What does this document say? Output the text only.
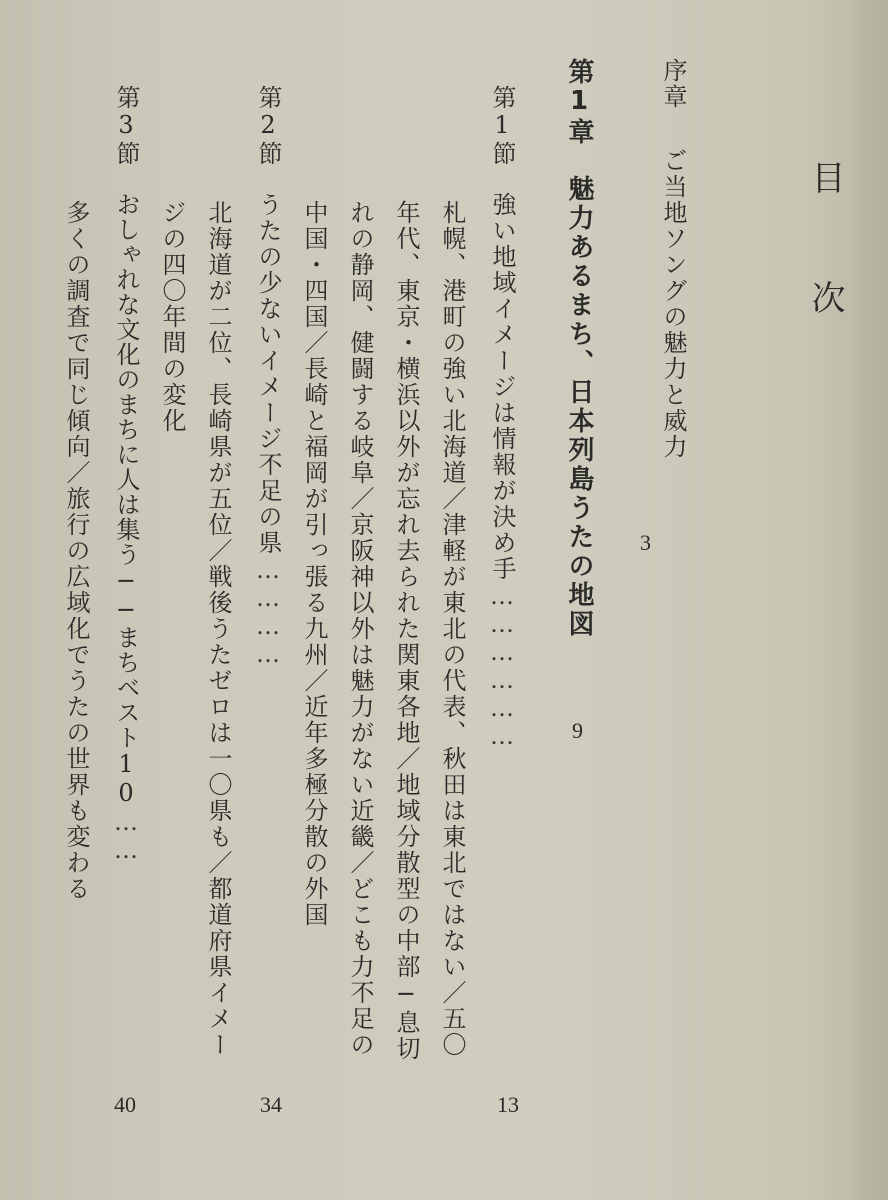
目　次
序章
ご当地ソングの魅力と威力
3
第1章
魅力あるまち、日本列島うたの地図
9
第1節
強い地域イメージは情報が決め手………………
13
札幌、港町の強い北海道／津軽が東北の代表、秋田は東北ではない／五〇
年代、東京・横浜以外が忘れ去られた関東各地／地域分散型の中部─息切
れの静岡、健闘する岐阜／京阪神以外は魅力がない近畿／どこも力不足の
中国・四国／長崎と福岡が引っ張る九州／近年多極分散の外国
第2節
うたの少ないイメージ不足の県…………
34
北海道が二位、長崎県が五位／戦後うたゼロは一〇県も／都道府県イメー
ジの四〇年間の変化
第3節
おしゃれな文化のまちに人は集う──まちベスト10……
40
多くの調査で同じ傾向／旅行の広域化でうたの世界も変わる
